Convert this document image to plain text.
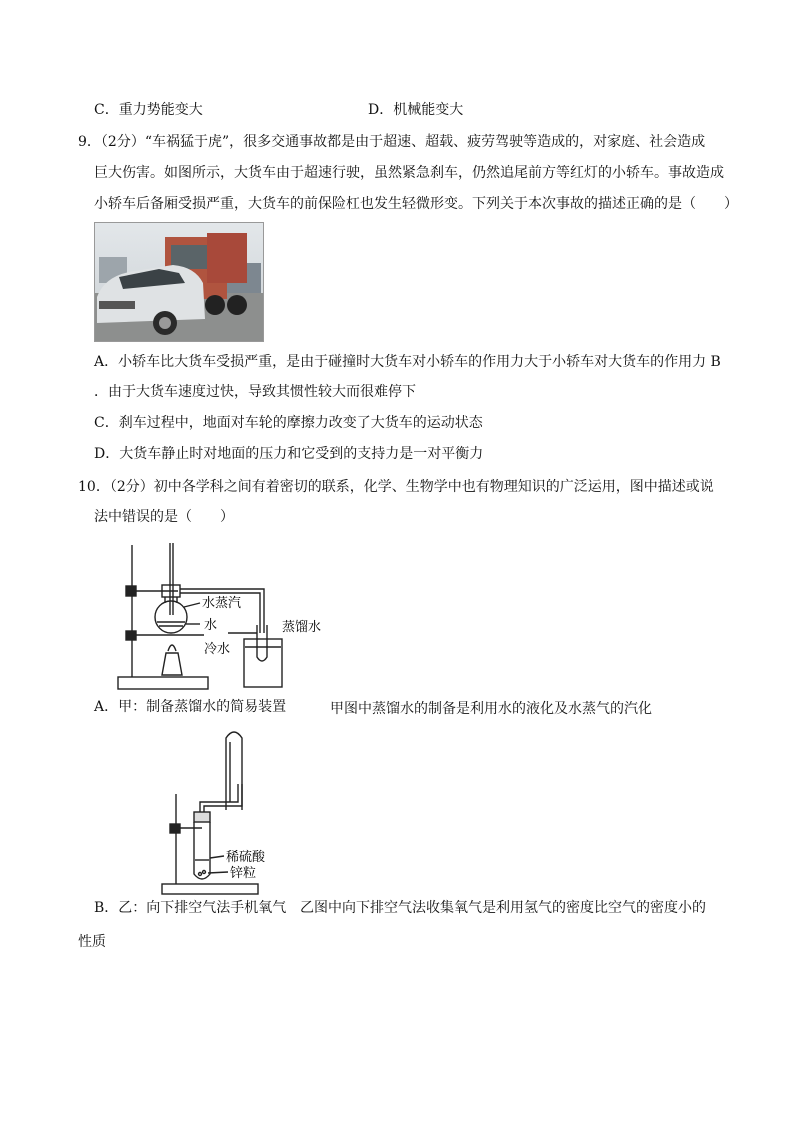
C．重力势能变大	D．机械能变大
9．（2分）“车祸猛于虎”，很多交通事故都是由于超速、超载、疲劳驾驶等造成的，对家庭、社会造成
巨大伤害。如图所示，大货车由于超速行驶，虽然紧急刹车，仍然追尾前方等红灯的小轿车。事故造成
小轿车后备厢受损严重，大货车的前保险杠也发生轻微形变。下列关于本次事故的描述正确的是（　　）
A．小轿车比大货车受损严重，是由于碰撞时大货车对小轿车的作用力大于小轿车对大货车的作用力 B
．由于大货车速度过快，导致其惯性较大而很难停下
C．刹车过程中，地面对车轮的摩擦力改变了大货车的运动状态
D．大货车静止时对地面的压力和它受到的支持力是一对平衡力
10．（2分）初中各学科之间有着密切的联系，化学、生物学中也有物理知识的广泛运用，图中描述或说
法中错误的是（　　）
水蒸汽
水	蒸馏水
冷水
A．甲：制备蒸馏水的简易装置	甲图中蒸馏水的制备是利用水的液化及水蒸气的汽化
稀硫酸
锌粒
B．乙：向下排空气法手机氧气 乙图中向下排空气法收集氧气是利用氢气的密度比空气的密度小的
性质
